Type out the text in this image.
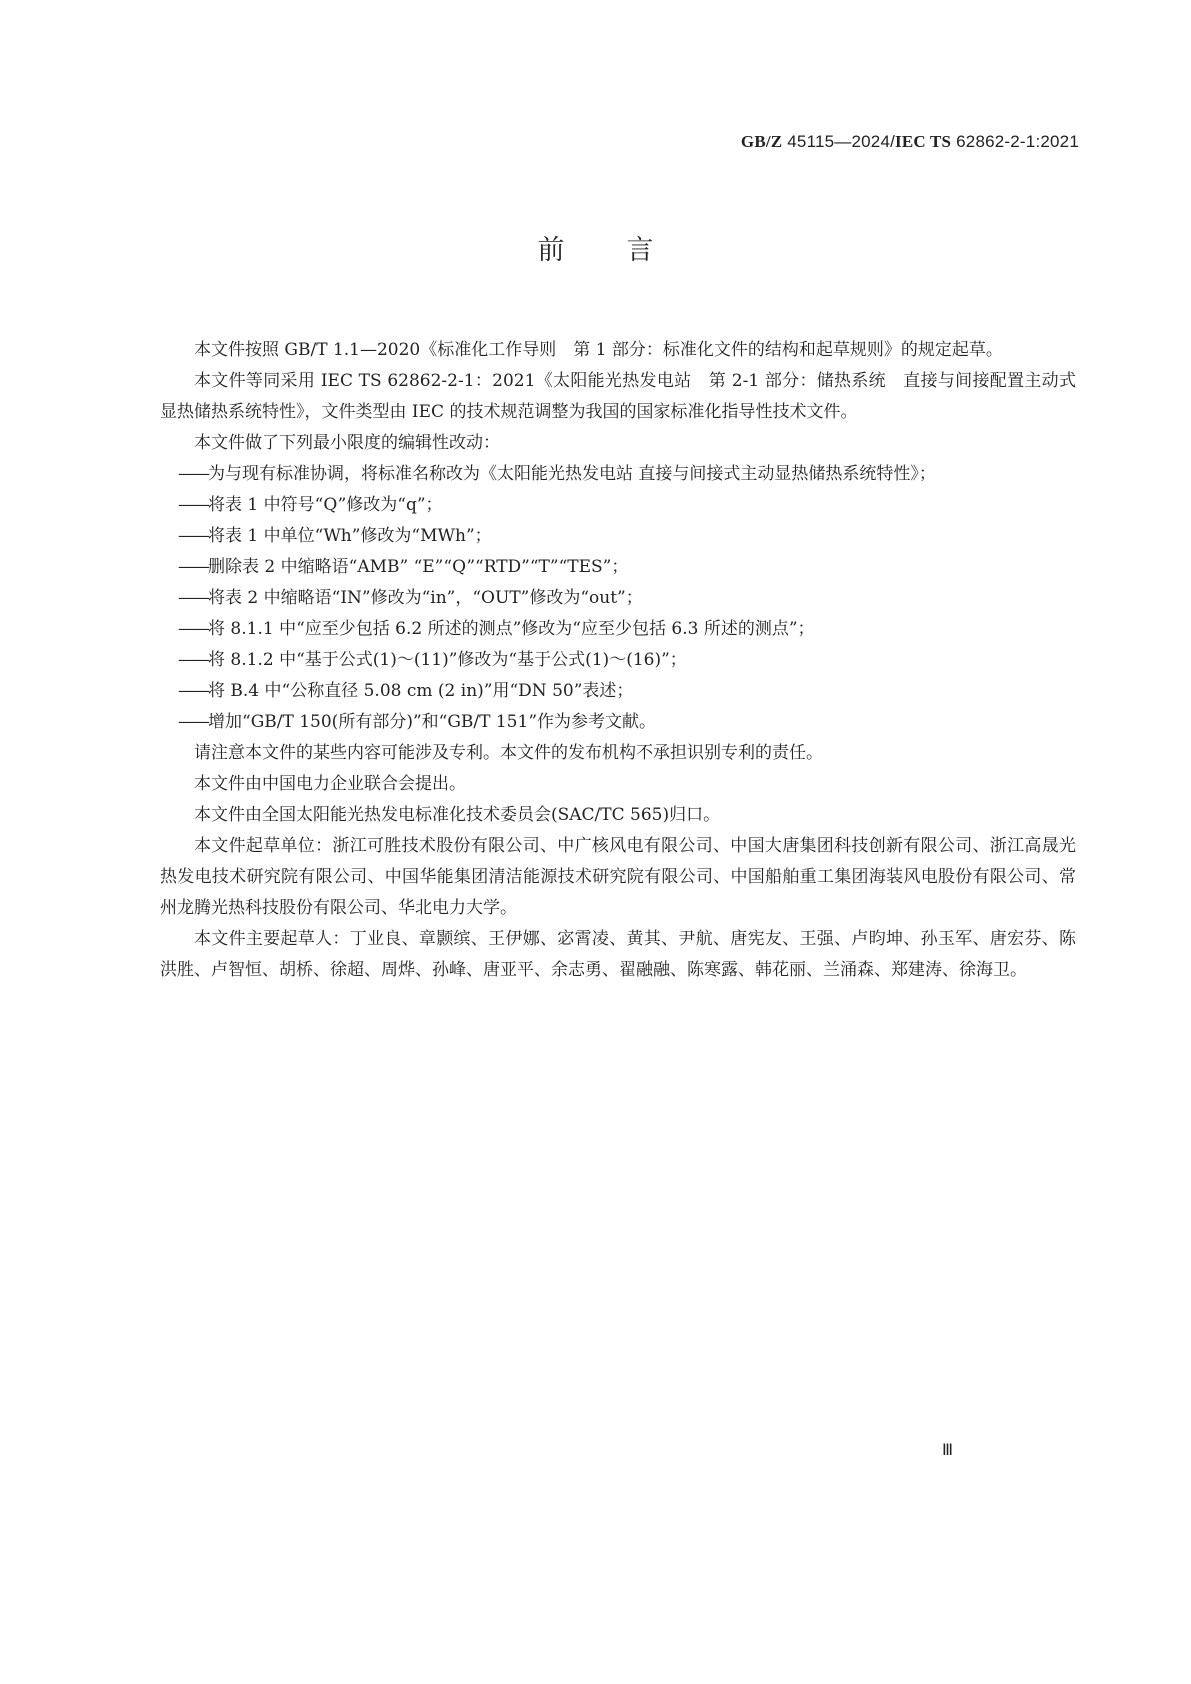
GB/Z 45115—2024/IEC TS 62862-2-1:2021
前言

本文件按照 GB/T 1.1—2020《标准化工作导则　第 1 部分：标准化文件的结构和起草规则》的规定起草。

本文件等同采用 IEC TS 62862-2-1：2021《太阳能光热发电站　第 2-1 部分：储热系统　直接与间接配置主动式显热储热系统特性》，文件类型由 IEC 的技术规范调整为我国的国家标准化指导性技术文件。

本文件做了下列最小限度的编辑性改动：

——为与现有标准协调，将标准名称改为《太阳能光热发电站 直接与间接式主动显热储热系统特性》；

——将表 1 中符号“Q”修改为“q”；

——将表 1 中单位“Wh”修改为“MWh”；

——删除表 2 中缩略语“AMB” “E”“Q”“RTD”“T”“TES”；

——将表 2 中缩略语“IN”修改为“in”，“OUT”修改为“out”；

——将 8.1.1 中“应至少包括 6.2 所述的测点”修改为“应至少包括 6.3 所述的测点”；

——将 8.1.2 中“基于公式(1)～(11)”修改为“基于公式(1)～(16)”；

——将 B.4 中“公称直径 5.08 cm (2 in)”用“DN 50”表述；

——增加“GB/T 150(所有部分)”和“GB/T 151”作为参考文献。

请注意本文件的某些内容可能涉及专利。本文件的发布机构不承担识别专利的责任。

本文件由中国电力企业联合会提出。

本文件由全国太阳能光热发电标准化技术委员会(SAC/TC 565)归口。

本文件起草单位：浙江可胜技术股份有限公司、中广核风电有限公司、中国大唐集团科技创新有限公司、浙江高晟光热发电技术研究院有限公司、中国华能集团清洁能源技术研究院有限公司、中国船舶重工集团海装风电股份有限公司、常州龙腾光热科技股份有限公司、华北电力大学。

本文件主要起草人：丁业良、章颢缤、王伊娜、宓霄凌、黄其、尹航、唐宪友、王强、卢昀坤、孙玉军、唐宏芬、陈洪胜、卢智恒、胡桥、徐超、周烨、孙峰、唐亚平、余志勇、翟融融、陈寒露、韩花丽、兰涌森、郑建涛、徐海卫。

Ⅲ
